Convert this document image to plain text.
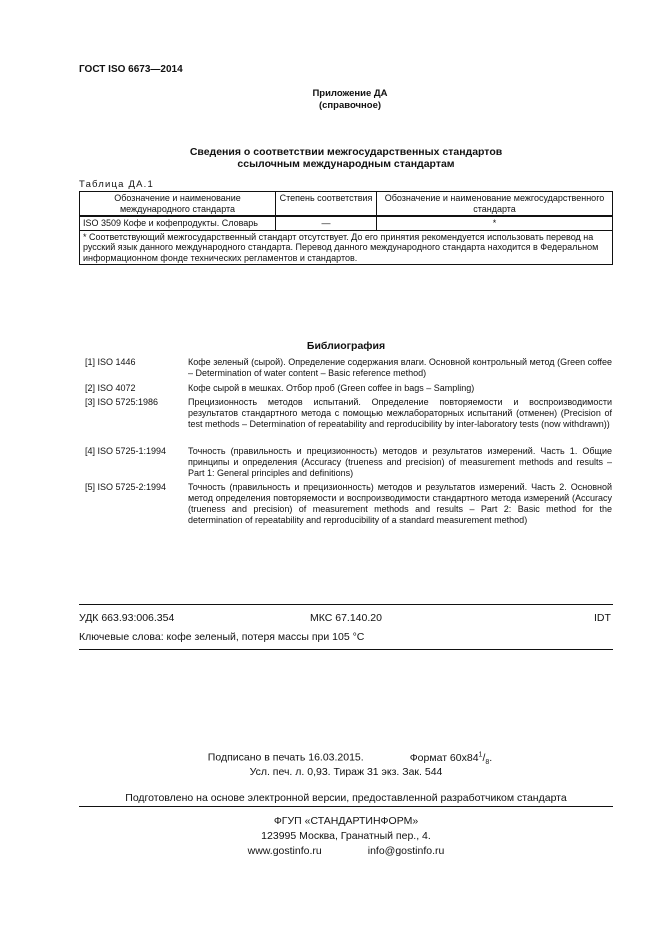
ГОСТ ISO 6673—2014
Приложение ДА
(справочное)
Сведения о соответствии межгосударственных стандартов
ссылочным международным стандартам
Таблица ДА.1
Обозначение и наименование международного стандарта	Степень соответствия	Обозначение и наименование межгосударственного стандарта
ISO 3509 Кофе и кофепродукты. Словарь	—	*
* Соответствующий межгосударственный стандарт отсутствует. До его принятия рекомендуется использовать перевод на русский язык данного международного стандарта. Перевод данного международного стандарта находится в Федеральном информационном фонде технических регламентов и стандартов.		
Библиография
[1] ISO 1446	Кофе зеленый (сырой). Определение содержания влаги. Основной контрольный метод (Green coffee – Determination of water content – Basic reference method)
[2] ISO 4072	Кофе сырой в мешках. Отбор проб (Green coffee in bags – Sampling)
[3] ISO 5725:1986	Прецизионность методов испытаний. Определение повторяемости и воспроизводимости результатов стандартного метода с помощью межлабораторных испытаний (отменен) (Precision of test methods – Determination of repeatability and reproducibility by inter-laboratory tests (now withdrawn))
[4] ISO 5725-1:1994	Точность (правильность и прецизионность) методов и результатов измерений. Часть 1. Общие принципы и определения (Accuracy (trueness and precision) of measurement methods and results – Part 1: General principles and definitions)
[5] ISO 5725-2:1994	Точность (правильность и прецизионность) методов и результатов измерений. Часть 2. Основной метод определения повторяемости и воспроизводимости стандартного метода измерений (Accuracy (trueness and precision) of measurement methods and results – Part 2: Basic method for the determination of repeatability and reproducibility of a standard measurement method)
УДК 663.93:006.354	МКС 67.140.20	IDT
Ключевые слова: кофе зеленый, потеря массы при 105 °С
Подписано в печать 16.03.2015.	Формат $60x84^1/_8$.
Усл. печ. л. 0,93. Тираж 31 экз. Зак. 544
Подготовлено на основе электронной версии, предоставленной разработчиком стандарта
ФГУП «СТАНДАРТИНФОРМ»
123995 Москва, Гранатный пер., 4.
www.gostinfo.ru	info@gostinfo.ru
